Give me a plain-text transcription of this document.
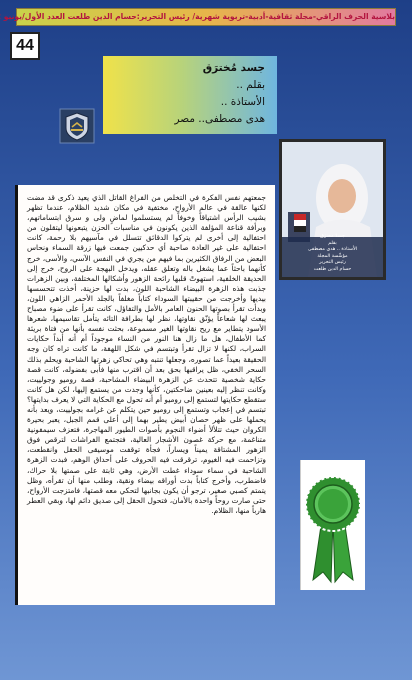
بلاسية الحرف الراقي-مجلة ثقافية-أدبية-تربوية شهرية/ رئيس التحرير:حسام الدين طلعت العدد الأول/يونيو
44
جسد مُخترَق
بقلم ..
الأستاذة ..
هدى مصطفى.. مصر
جسدٌ مخترَق
بقلم
الأستاذة .. هدى مصطفى
مؤسِّسة المجلة
رئيس التحرير
حسام الدين طلعت
جمعتهم نفس الفكرة في التخلص من الفراغ القاتل الذي يعيد ذكرى قد مضت لكنها عالقة في عالم الأرواح، مختفية في مكان شديد الظلام، عندما تظهر بشيب الرأس اشتياقاً وخوفاً لم يستسلموا لماضٍ ولى و سرق ابتساماتهم، وبرأفة قناعة المؤلفة الذين يكونون في مناسبات الحزن يتبعونها ليتقلون من احتفالية إلى أخرى لم يتركوا الدقائق تتسلل في مآسيهم بلا رحمة، كانت احتفالية على غير العادة صاحبة أي حدكيين جمعت فيها زرقة السماء ونحاس البعض من الرفاق الكثيرين بما فيهم من يجري في النفس الآسي، والأسى، خرج كأنهما باحثاً عما يشغل باله وتعلق عقله، ويدخل البهجة على الروح، خرج إلى الحديقة الخلفية، استهوتْ قلبها رائحة الزهور وأشكالها المختلفة، وبين الزهرات جذبت هذه الزهرة البيضاء الشاحبة اللون، بدت لها حزينة، أخذت تتحسسها بيديها وأخرجت من حقيبتها السوداء كتاباً مغلفاً بالجلد الأحمر الزاهي اللون، وبدأت تقرأ بصوتها الحنون العامر بالأمل والتفاؤل، كانت تقرأ على ضوء مصباح يبعث لها شعاعاً يؤنّق نقاوتها، نظر لها بطرافة التائه يتأمل تقاسيمها، شعرها الأسود يتطاير مع ريح نقاوتها الغير مسموعة، بحثت نفسه بأنها من فتاة بريئة كما الأطفال، هل ما زال هنا النور من النساء موجوداً أم أنه أبداً حكايات السراب، لكنها لا تزال تقرأ وتبتسم في شكل اللهفة، ما كانت تراه كان وجه الحقيقة بعيداً عما تصوره، وجعلها تنتبه وهي تحاكي زهرتها الشاحبة ويحلم بذلك السحر الخفي، ظل يراقبها بحق بعد أن اقترب منها فأبى بفضوله، كانت قصة حكاية شخصية تتحدث عن الزهرة البيضاء المشاحبة، قصة روميو وجولييت، وكانت تنظر إليه بعينين ضاحكتين، كأنها وجدت من يستمع إليها، لكن هل كانت ستقطع حكايتها لتستمع إلى روميو أم أنه تحول مع الحكاية التي لا يعرف بدايتها؟ تبتسم في إعجاب وتستمع إلى روميو حين يتكلم عن غرامه بجولييت، ويعد بأنه يحملها على ظهر حصان أبيض يطير بهما إلى أعلى قمم الجبل، يعبر بحيرة الكروان حيث تتلألأ أضواء النجوم بأصوات الطيور المهاجرة، فتعزف سيمفونية متناغمة، مع حركة غصون الأشجار العالية، فتجتمع الفراشات لترقص فوق الزهور المشتاقة يميناً ويساراً، فجأة توقفت موسيقى الحقل وانقطعت، وتزاحمت فيه الغيوم، ترقرقت فيه الحروف على أحداق الوهم، فبدت الزهرة الشاحبة في سماء سوداء غطت الأرض، وهي ثابتة على صمتها بلا حراك، فاضطرب، وأخرج كتاباً بدت أوراقه بيضاء ونقية، وطلب منها أن تقرأه، وظل يتمتم كصبي صغير، ترجو أن يكون بجانبها لتحكي معه قصتها، فامتزجت الأرواح، حتى صارت روحاً واحدة بالأمان، فتحول الحقل إلى صديق دائم لها، وبقي العطر هارباً منها، الظلام.
